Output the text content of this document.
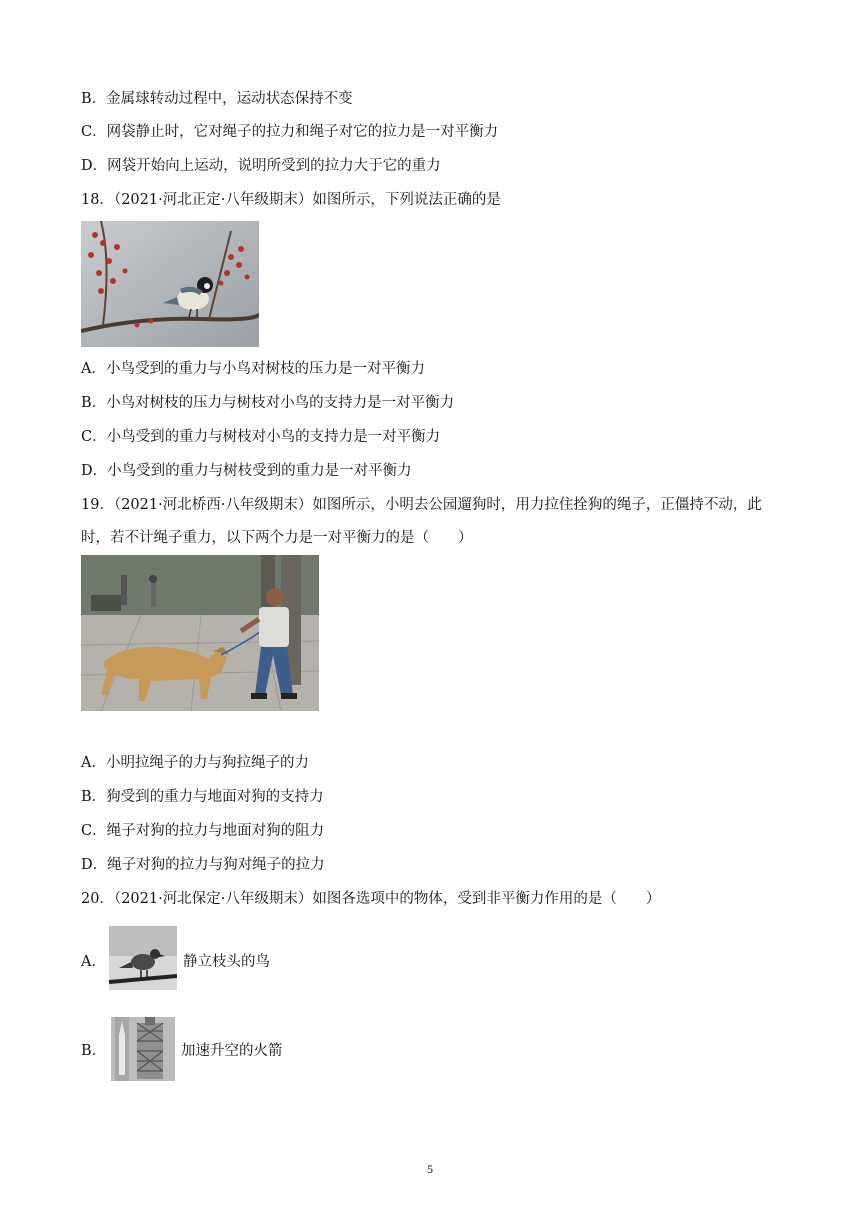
B．金属球转动过程中，运动状态保持不变
C．网袋静止时，它对绳子的拉力和绳子对它的拉力是一对平衡力
D．网袋开始向上运动，说明所受到的拉力大于它的重力
18．（2021·河北正定·八年级期末）如图所示，下列说法正确的是
A．小鸟受到的重力与小鸟对树枝的压力是一对平衡力
B．小鸟对树枝的压力与树枝对小鸟的支持力是一对平衡力
C．小鸟受到的重力与树枝对小鸟的支持力是一对平衡力
D．小鸟受到的重力与树枝受到的重力是一对平衡力
19．（2021·河北桥西·八年级期末）如图所示，小明去公园遛狗时，用力拉住拴狗的绳子，正僵持不动，此
时，若不计绳子重力，以下两个力是一对平衡力的是（　　）
A．小明拉绳子的力与狗拉绳子的力
B．狗受到的重力与地面对狗的支持力
C．绳子对狗的拉力与地面对狗的阻力
D．绳子对狗的拉力与狗对绳子的拉力
20．（2021·河北保定·八年级期末）如图各选项中的物体，受到非平衡力作用的是（　　）
A．	静立枝头的鸟
B．	加速升空的火箭
5
